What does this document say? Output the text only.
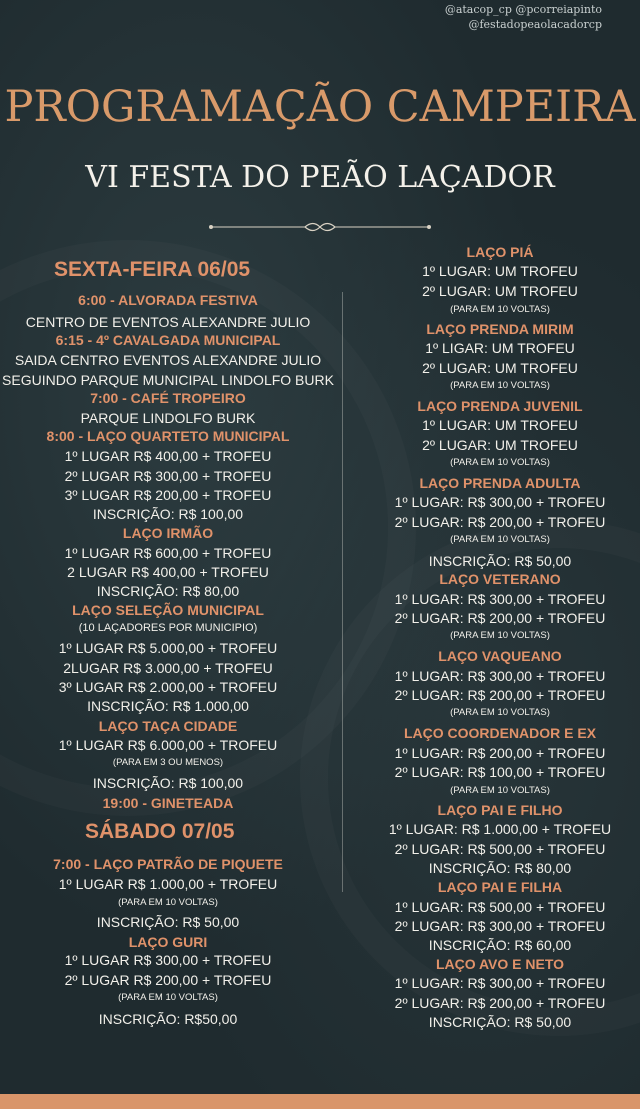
@atacop_cp @pcorreiapinto
@festadopeaolacadorcp
PROGRAMAÇÃO CAMPEIRA
VI FESTA DO PEÃO LAÇADOR
SEXTA-FEIRA 06/05
SÁBADO 07/05
6:00 - ALVORADA FESTIVA
CENTRO DE EVENTOS ALEXANDRE JULIO
6:15 - 4º CAVALGADA MUNICIPAL
SAIDA CENTRO EVENTOS ALEXANDRE JULIO
SEGUINDO PARQUE MUNICIPAL LINDOLFO BURK
7:00 - CAFÉ TROPEIRO
PARQUE LINDOLFO BURK
8:00 - LAÇO QUARTETO MUNICIPAL
1º LUGAR R$ 400,00 + TROFEU
2º LUGAR R$ 300,00 + TROFEU
3º LUGAR R$ 200,00 + TROFEU
INSCRIÇÃO: R$ 100,00
LAÇO IRMÃO
1º LUGAR R$ 600,00 + TROFEU
2 LUGAR R$ 400,00 + TROFEU
INSCRIÇÃO: R$ 80,00
LAÇO SELEÇÃO MUNICIPAL
(10 LAÇADORES POR MUNICIPIO)
1º LUGAR R$ 5.000,00 + TROFEU
2LUGAR R$ 3.000,00 + TROFEU
3º LUGAR R$ 2.000,00 + TROFEU
INSCRIÇÃO: R$ 1.000,00
LAÇO TAÇA CIDADE
1º LUGAR R$ 6.000,00 + TROFEU
(PARA EM 3 OU MENOS)
INSCRIÇÃO: R$ 100,00
19:00 - GINETEADA
7:00 - LAÇO PATRÃO DE PIQUETE
1º LUGAR R$ 1.000,00 + TROFEU
(PARA EM 10 VOLTAS)
INSCRIÇÃO: R$ 50,00
LAÇO GURI
1º LUGAR R$ 300,00 + TROFEU
2º LUGAR R$ 200,00 + TROFEU
(PARA EM 10 VOLTAS)
INSCRIÇÃO: R$50,00
LAÇO PIÁ
1º LUGAR: UM TROFEU
2º LUGAR: UM TROFEU
(PARA EM 10 VOLTAS)
LAÇO PRENDA MIRIM
1º LIGAR: UM TROFEU
2º LUGAR: UM TROFEU
(PARA EM 10 VOLTAS)
LAÇO PRENDA JUVENIL
1º LUGAR: UM TROFEU
2º LUGAR: UM TROFEU
(PARA EM 10 VOLTAS)
LAÇO PRENDA ADULTA
1º LUGAR: R$ 300,00 + TROFEU
2º LUGAR: R$ 200,00 + TROFEU
(PARA EM 10 VOLTAS)
INSCRIÇÃO: R$ 50,00
LAÇO VETERANO
1º LUGAR: R$ 300,00 + TROFEU
2º LUGAR: R$ 200,00 + TROFEU
(PARA EM 10 VOLTAS)
LAÇO VAQUEANO
1º LUGAR: R$ 300,00 + TROFEU
2º LUGAR: R$ 200,00 + TROFEU
(PARA EM 10 VOLTAS)
LAÇO COORDENADOR E EX
1º LUGAR: R$ 200,00 + TROFEU
2º LUGAR: R$ 100,00 + TROFEU
(PARA EM 10 VOLTAS)
LAÇO PAI E FILHO
1º LUGAR: R$ 1.000,00 + TROFEU
2º LUGAR: R$ 500,00 + TROFEU
INSCRIÇÃO: R$ 80,00
LAÇO PAI E FILHA
1º LUGAR: R$ 500,00 + TROFEU
2º LUGAR: R$ 300,00 + TROFEU
INSCRIÇÃO: R$ 60,00
LAÇO AVO E NETO
1º LUGAR: R$ 300,00 + TROFEU
2º LUGAR: R$ 200,00 + TROFEU
INSCRIÇÃO: R$ 50,00
